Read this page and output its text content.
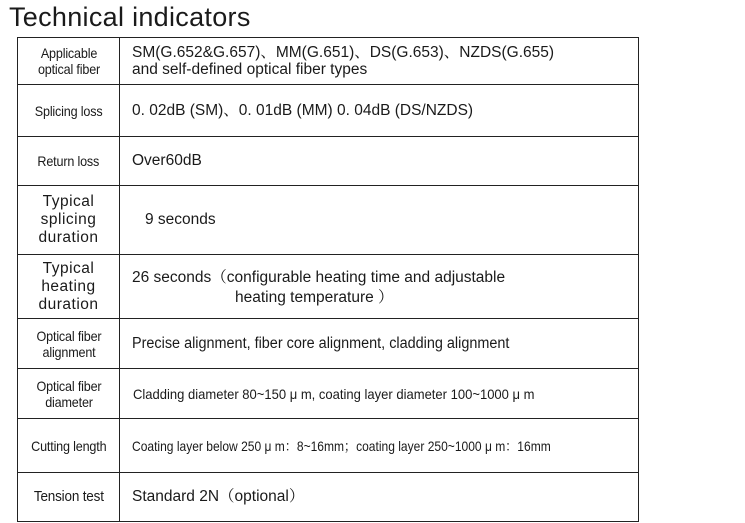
Technical indicators
Applicable optical fiber	SM(G.652&G.657)、MM(G.651)、DS(G.653)、NZDS(G.655)
and self-defined optical fiber types

Splicing loss	0. 02dB (SM)、0. 01dB (MM) 0. 04dB (DS/NZDS)
Return loss	Over60dB
Typical splicing duration	9 seconds
Typical heating duration	26 seconds（configurable heating time and adjustable
heating temperature ）

Optical fiber alignment	Precise alignment, fiber core alignment, cladding alignment
Optical fiber diameter	Cladding diameter 80~150 μ m, coating layer diameter 100~1000 μ m
Cutting length	Coating layer below 250 μ m：8~16mm；coating layer 250~1000 μ m：16mm
Tension test	Standard 2N（optional）
